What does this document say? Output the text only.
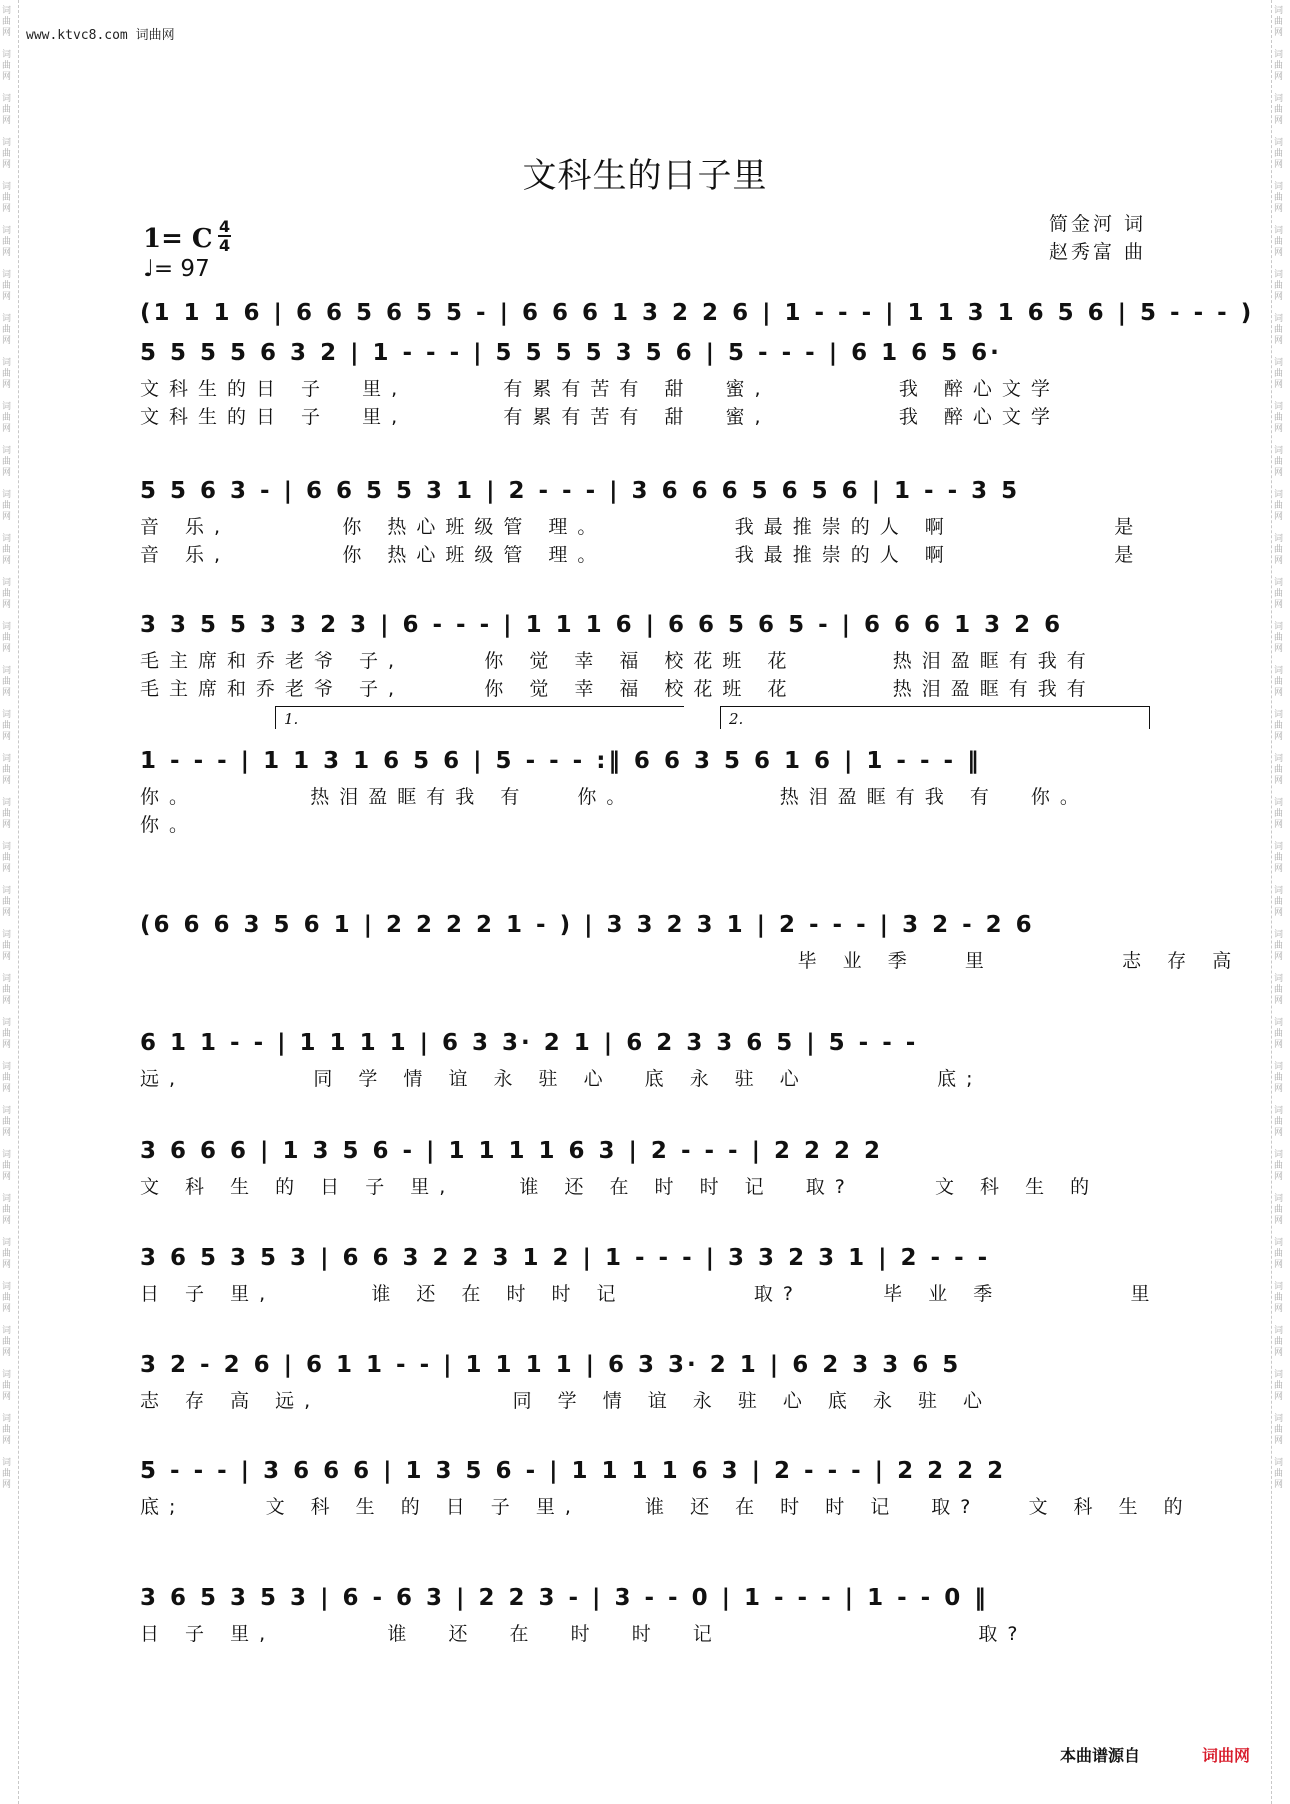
词
曲
网

词
曲
网

词
曲
网

词
曲
网

词
曲
网

词
曲
网

词
曲
网

词
曲
网

词
曲
网

词
曲
网

词
曲
网

词
曲
网

词
曲
网

词
曲
网

词
曲
网

词
曲
网

词
曲
网

词
曲
网

词
曲
网

词
曲
网

词
曲
网

词
曲
网

词
曲
网

词
曲
网

词
曲
网

词
曲
网

词
曲
网

词
曲
网

词
曲
网

词
曲
网

词
曲
网

词
曲
网

词
曲
网

词
曲
网

词
曲
网

词
曲
网

词
曲
网

词
曲
网

词
曲
网

词
曲
网

词
曲
网

词
曲
网

词
曲
网

词
曲
网

词
曲
网

词
曲
网

词
曲
网

词
曲
网

词
曲
网

词
曲
网

词
曲
网

词
曲
网

词
曲
网

词
曲
网

词
曲
网

词
曲
网

词
曲
网

词
曲
网

词
曲
网

词
曲
网

词
曲
网

词
曲
网

词
曲
网

词
曲
网

词
曲
网

词
曲
网

词
曲
网

词
曲
网

www.ktvc8.com 词曲网
文科生的日子里
简金河 词
赵秀富 曲
1= C 4
4
♩= 97
(1 1 1 6 | 6 6 5 6 5 5 - | 6 6 6 1 3 2 2 6 | 1 - - - | 1 1 3 1 6 5 6 | 5 - - - )
5 5 5 5 6 3 2 | 1 - - - | 5 5 5 5 3 5 6 | 5 - - - | 6 1 6 5 6·
文科生的日 子  里,      有累有苦有 甜  蜜,        我 醉心文学
文科生的日 子  里,      有累有苦有 甜  蜜,        我 醉心文学
5 5 6 3 - | 6 6 5 5 3 1 | 2 - - - | 3 6 6 6 5 6 5 6 | 1 - - 3 5
音 乐,       你 热心班级管 理。        我最推崇的人 啊          是
音 乐,       你 热心班级管 理。        我最推崇的人 啊          是
3 3 5 5 3 3 2 3 | 6 - - - | 1 1 1 6 | 6 6 5 6 5 - | 6 6 6 1 3 2 6
毛主席和乔老爷 子,     你 觉 幸 福 校花班 花      热泪盈眶有我有
毛主席和乔老爷 子,     你 觉 幸 福 校花班 花      热泪盈眶有我有
1 - - - | 1 1 3 1 6 5 6 | 5 - - - :‖ 6 6 3 5 6 1 6 | 1 - - - ‖
1.	2.
你。       热泪盈眶有我 有   你。         热泪盈眶有我 有  你。
你。
(6 6 6 3 5 6 1 | 2 2 2 2 1 - ) | 3 3 2 3 1 | 2 - - - | 3 2 - 2 6
毕 业 季   里        志 存 高
6 1 1 - - | 1 1 1 1 | 6 3 3· 2 1 | 6 2 3 3 6 5 | 5 - - -
远,        同 学 情 谊 永 驻 心  底 永 驻 心        底;
3 6 6 6 | 1 3 5 6 - | 1 1 1 1 6 3 | 2 - - - | 2 2 2 2
文 科 生 的 日 子 里,    谁 还 在 时 时 记  取?     文 科 生 的
3 6 5 3 5 3 | 6 6 3 2 2 3 1 2 | 1 - - - | 3 3 2 3 1 | 2 - - -
日 子 里,      谁 还 在 时 时 记        取?     毕 业 季        里
3 2 - 2 6 | 6 1 1 - - | 1 1 1 1 | 6 3 3· 2 1 | 6 2 3 3 6 5
志 存 高 远,            同 学 情 谊 永 驻 心 底 永 驻 心
5 - - - | 3 6 6 6 | 1 3 5 6 - | 1 1 1 1 6 3 | 2 - - - | 2 2 2 2
底;     文 科 生 的 日 子 里,    谁 还 在 时 时 记  取?   文 科 生 的
3 6 5 3 5 3 | 6 - 6 3 | 2 2 3 - | 3 - - 0 | 1 - - - | 1 - - 0 ‖
日 子 里,       谁  还  在  时  时  记                取?
本曲谱源自	词曲网
